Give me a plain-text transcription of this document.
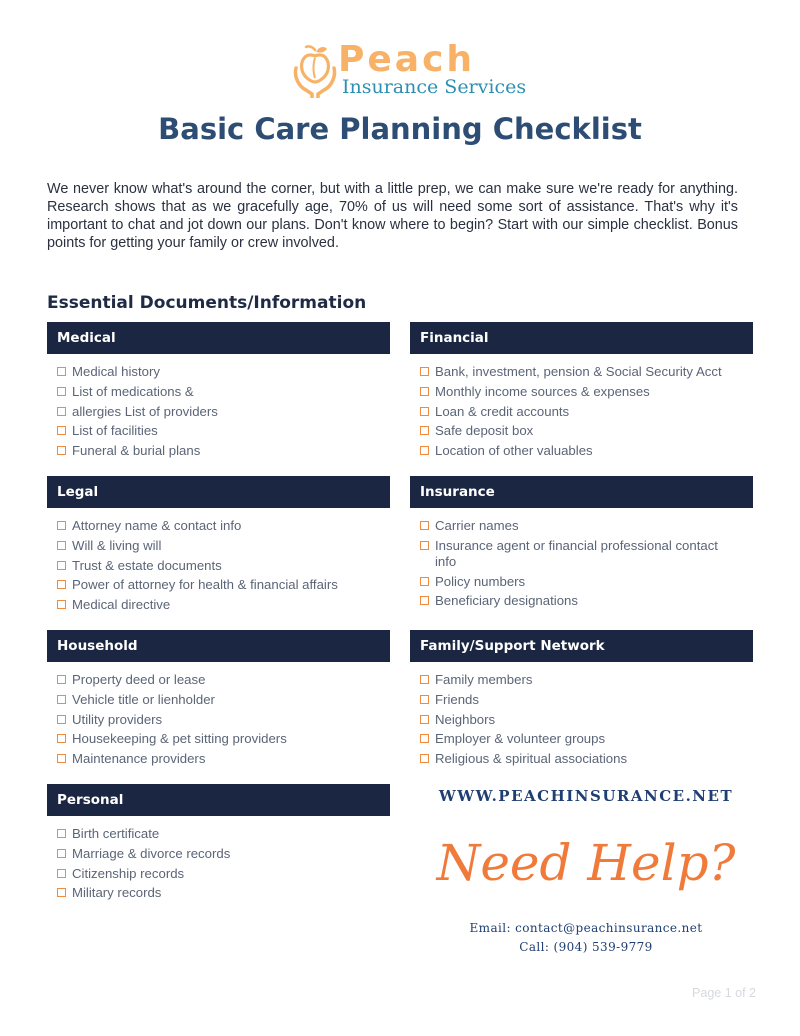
Peach
Insurance Services
Basic Care Planning Checklist

We never know what's around the corner, but with a little prep, we can make sure we're ready for anything. Research shows that as we gracefully age, 70% of us will need some sort of assistance. That's why it's important to chat and jot down our plans. Don't know where to begin? Start with our simple checklist. Bonus points for getting your family or crew involved.

Essential Documents/Information
Medical
Medical history
List of medications &
allergies List of providers
List of facilities
Funeral & burial plans
Financial
Bank, investment, pension & Social Security Acct
Monthly income sources & expenses
Loan & credit accounts
Safe deposit box
Location of other valuables
Legal
Attorney name & contact info
Will & living will
Trust & estate documents
Power of attorney for health & financial affairs
Medical directive
Insurance
Carrier names
Insurance agent or financial professional contact info
Policy numbers
Beneficiary designations
Household
Property deed or lease
Vehicle title or lienholder
Utility providers
Housekeeping & pet sitting providers
Maintenance providers
Family/Support Network
Family members
Friends
Neighbors
Employer & volunteer groups
Religious & spiritual associations
Personal
Birth certificate
Marriage & divorce records
Citizenship records
Military records
WWW.PEACHINSURANCE.NET
Need Help?
Email: contact@peachinsurance.net
Call: (904) 539-9779
Page 1 of 2
